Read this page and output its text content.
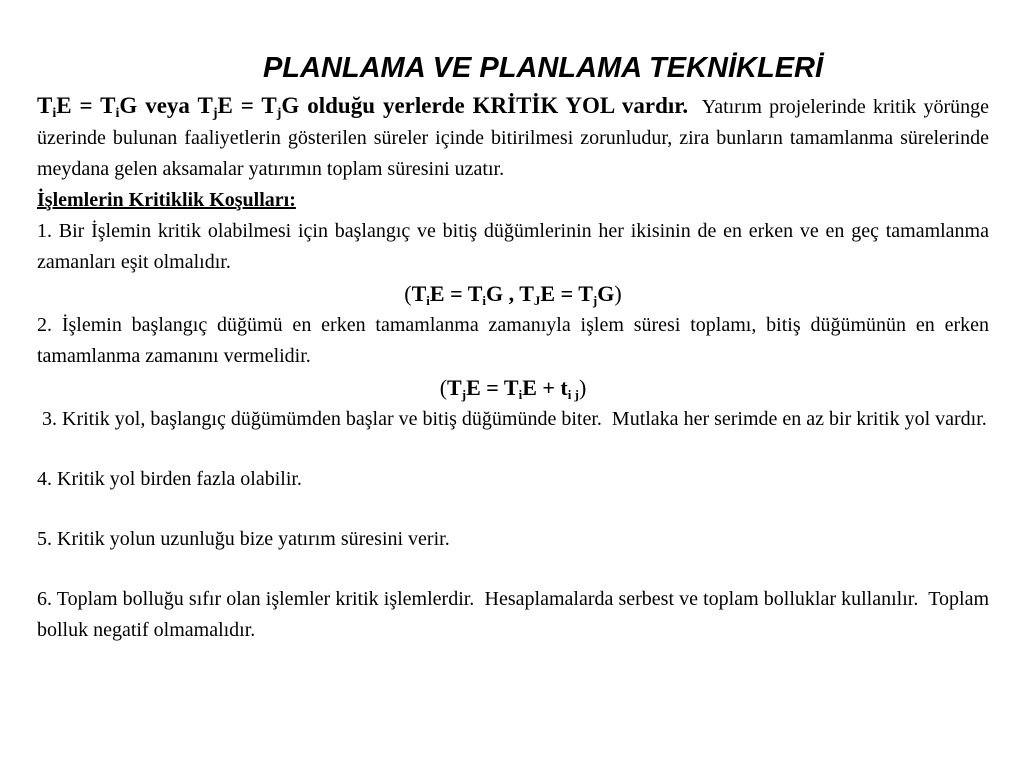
PLANLAMA VE PLANLAMA TEKNİKLERİ

$T_iE = T_iG$ veya $T_jE = T_jG$ olduğu yerlerde KRİTİK YOL vardır. Yatırım projelerinde kritik yörünge üzerinde bulunan faaliyetlerin gösterilen süreler içinde bitirilmesi zorunludur, zira bunların tamamlanma sürelerinde meydana gelen aksamalar yatırımın toplam süresini uzatır.

İşlemlerin Kritiklik Koşulları:

1. Bir İşlemin kritik olabilmesi için başlangıç ve bitiş düğümlerinin her ikisinin de en erken ve en geç tamamlanma zamanları eşit olmalıdır.

($T_iE = T_iG$ , $T_JE = T_jG$)

2. İşlemin başlangıç düğümü en erken tamamlanma zamanıyla işlem süresi toplamı, bitiş düğümünün en erken tamamlanma zamanını vermelidir.

$(T_jE = T_iE + t_{i j})$

3. Kritik yol, başlangıç düğümümden başlar ve bitiş düğümünde biter.  Mutlaka her serimde en az bir kritik yol vardır.

4. Kritik yol birden fazla olabilir.

5. Kritik yolun uzunluğu bize yatırım süresini verir.

6. Toplam bolluğu sıfır olan işlemler kritik işlemlerdir.  Hesaplamalarda serbest ve toplam bolluklar kullanılır.  Toplam bolluk negatif olmamalıdır.
